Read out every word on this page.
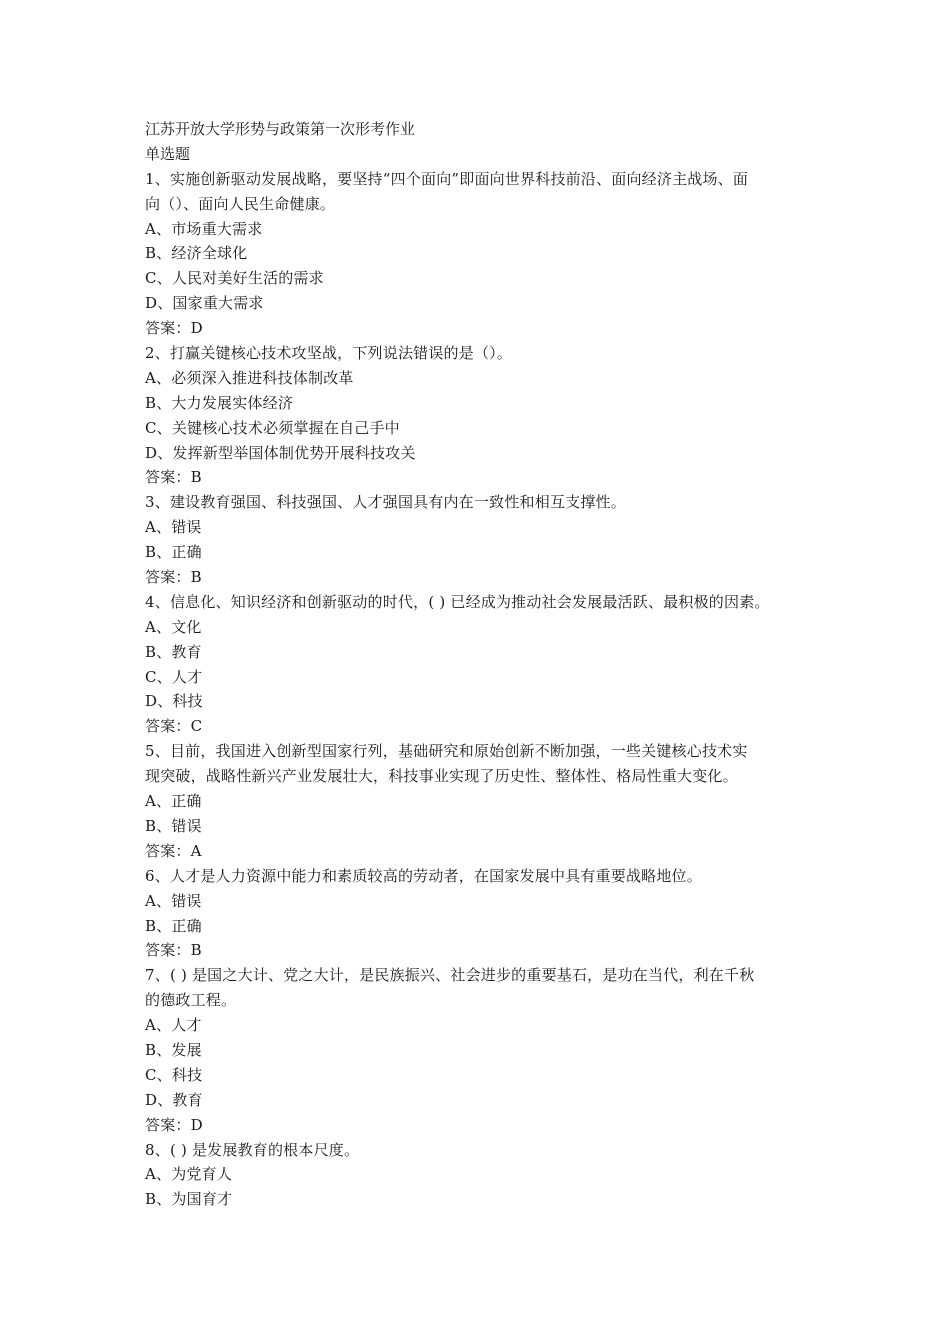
江苏开放大学形势与政策第一次形考作业
单选题
1、实施创新驱动发展战略，要坚持“四个面向”即面向世界科技前沿、面向经济主战场、面
向（）、面向人民生命健康。
A、市场重大需求
B、经济全球化
C、人民对美好生活的需求
D、国家重大需求
答案：D
2、打赢关键核心技术攻坚战，下列说法错误的是（）。
A、必须深入推进科技体制改革
B、大力发展实体经济
C、关键核心技术必须掌握在自己手中
D、发挥新型举国体制优势开展科技攻关
答案：B
3、建设教育强国、科技强国、人才强国具有内在一致性和相互支撑性。
A、错误
B、正确
答案：B
4、信息化、知识经济和创新驱动的时代，( ) 已经成为推动社会发展最活跃、最积极的因素。
A、文化
B、教育
C、人才
D、科技
答案：C
5、目前，我国进入创新型国家行列，基础研究和原始创新不断加强，一些关键核心技术实
现突破，战略性新兴产业发展壮大，科技事业实现了历史性、整体性、格局性重大变化。
A、正确
B、错误
答案：A
6、人才是人力资源中能力和素质较高的劳动者，在国家发展中具有重要战略地位。
A、错误
B、正确
答案：B
7、( ) 是国之大计、党之大计，是民族振兴、社会进步的重要基石，是功在当代，利在千秋
的德政工程。
A、人才
B、发展
C、科技
D、教育
答案：D
8、( ) 是发展教育的根本尺度。
A、为党育人
B、为国育才
